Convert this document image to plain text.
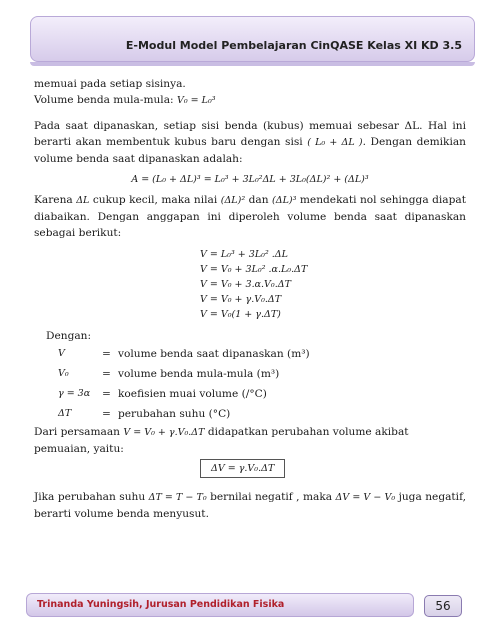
E-Modul Model Pembelajaran CinQASE Kelas XI KD 3.5

memuai pada setiap sisinya.

Volume benda mula-mula: V₀ = L₀³

Pada saat dipanaskan, setiap sisi benda (kubus) memuai sebesar ΔL. Hal ini berarti akan membentuk kubus baru dengan sisi ( L₀ + ΔL ). Dengan demikian volume benda saat dipanaskan adalah:

A = (L₀ + ΔL)³ = L₀³ + 3L₀²ΔL + 3L₀(ΔL)² + (ΔL)³

Karena ΔL cukup kecil, maka nilai (ΔL)² dan (ΔL)³ mendekati nol sehingga diapat diabaikan. Dengan anggapan ini diperoleh volume benda saat dipanaskan sebagai berikut:

V = L₀³ + 3L₀² .ΔL
V = V₀ + 3L₀² .α.L₀.ΔT
V = V₀ + 3.α.V₀.ΔT
V = V₀ + γ.V₀.ΔT
V = V₀(1 + γ.ΔT)

Dengan:

V	= volume benda saat dipanaskan (m³)
V₀	= volume benda mula-mula (m³)
γ = 3α	= koefisien muai volume (/°C)
ΔT	= perubahan suhu (°C)

Dari persamaan V = V₀ + γ.V₀.ΔT didapatkan perubahan volume akibat pemuaian, yaitu:

ΔV = γ.V₀.ΔT

Jika perubahan suhu ΔT = T − T₀ bernilai negatif , maka ΔV = V − V₀ juga negatif, berarti volume benda menyusut.

Trinanda Yuningsih, Jurusan Pendidikan Fisika	56
